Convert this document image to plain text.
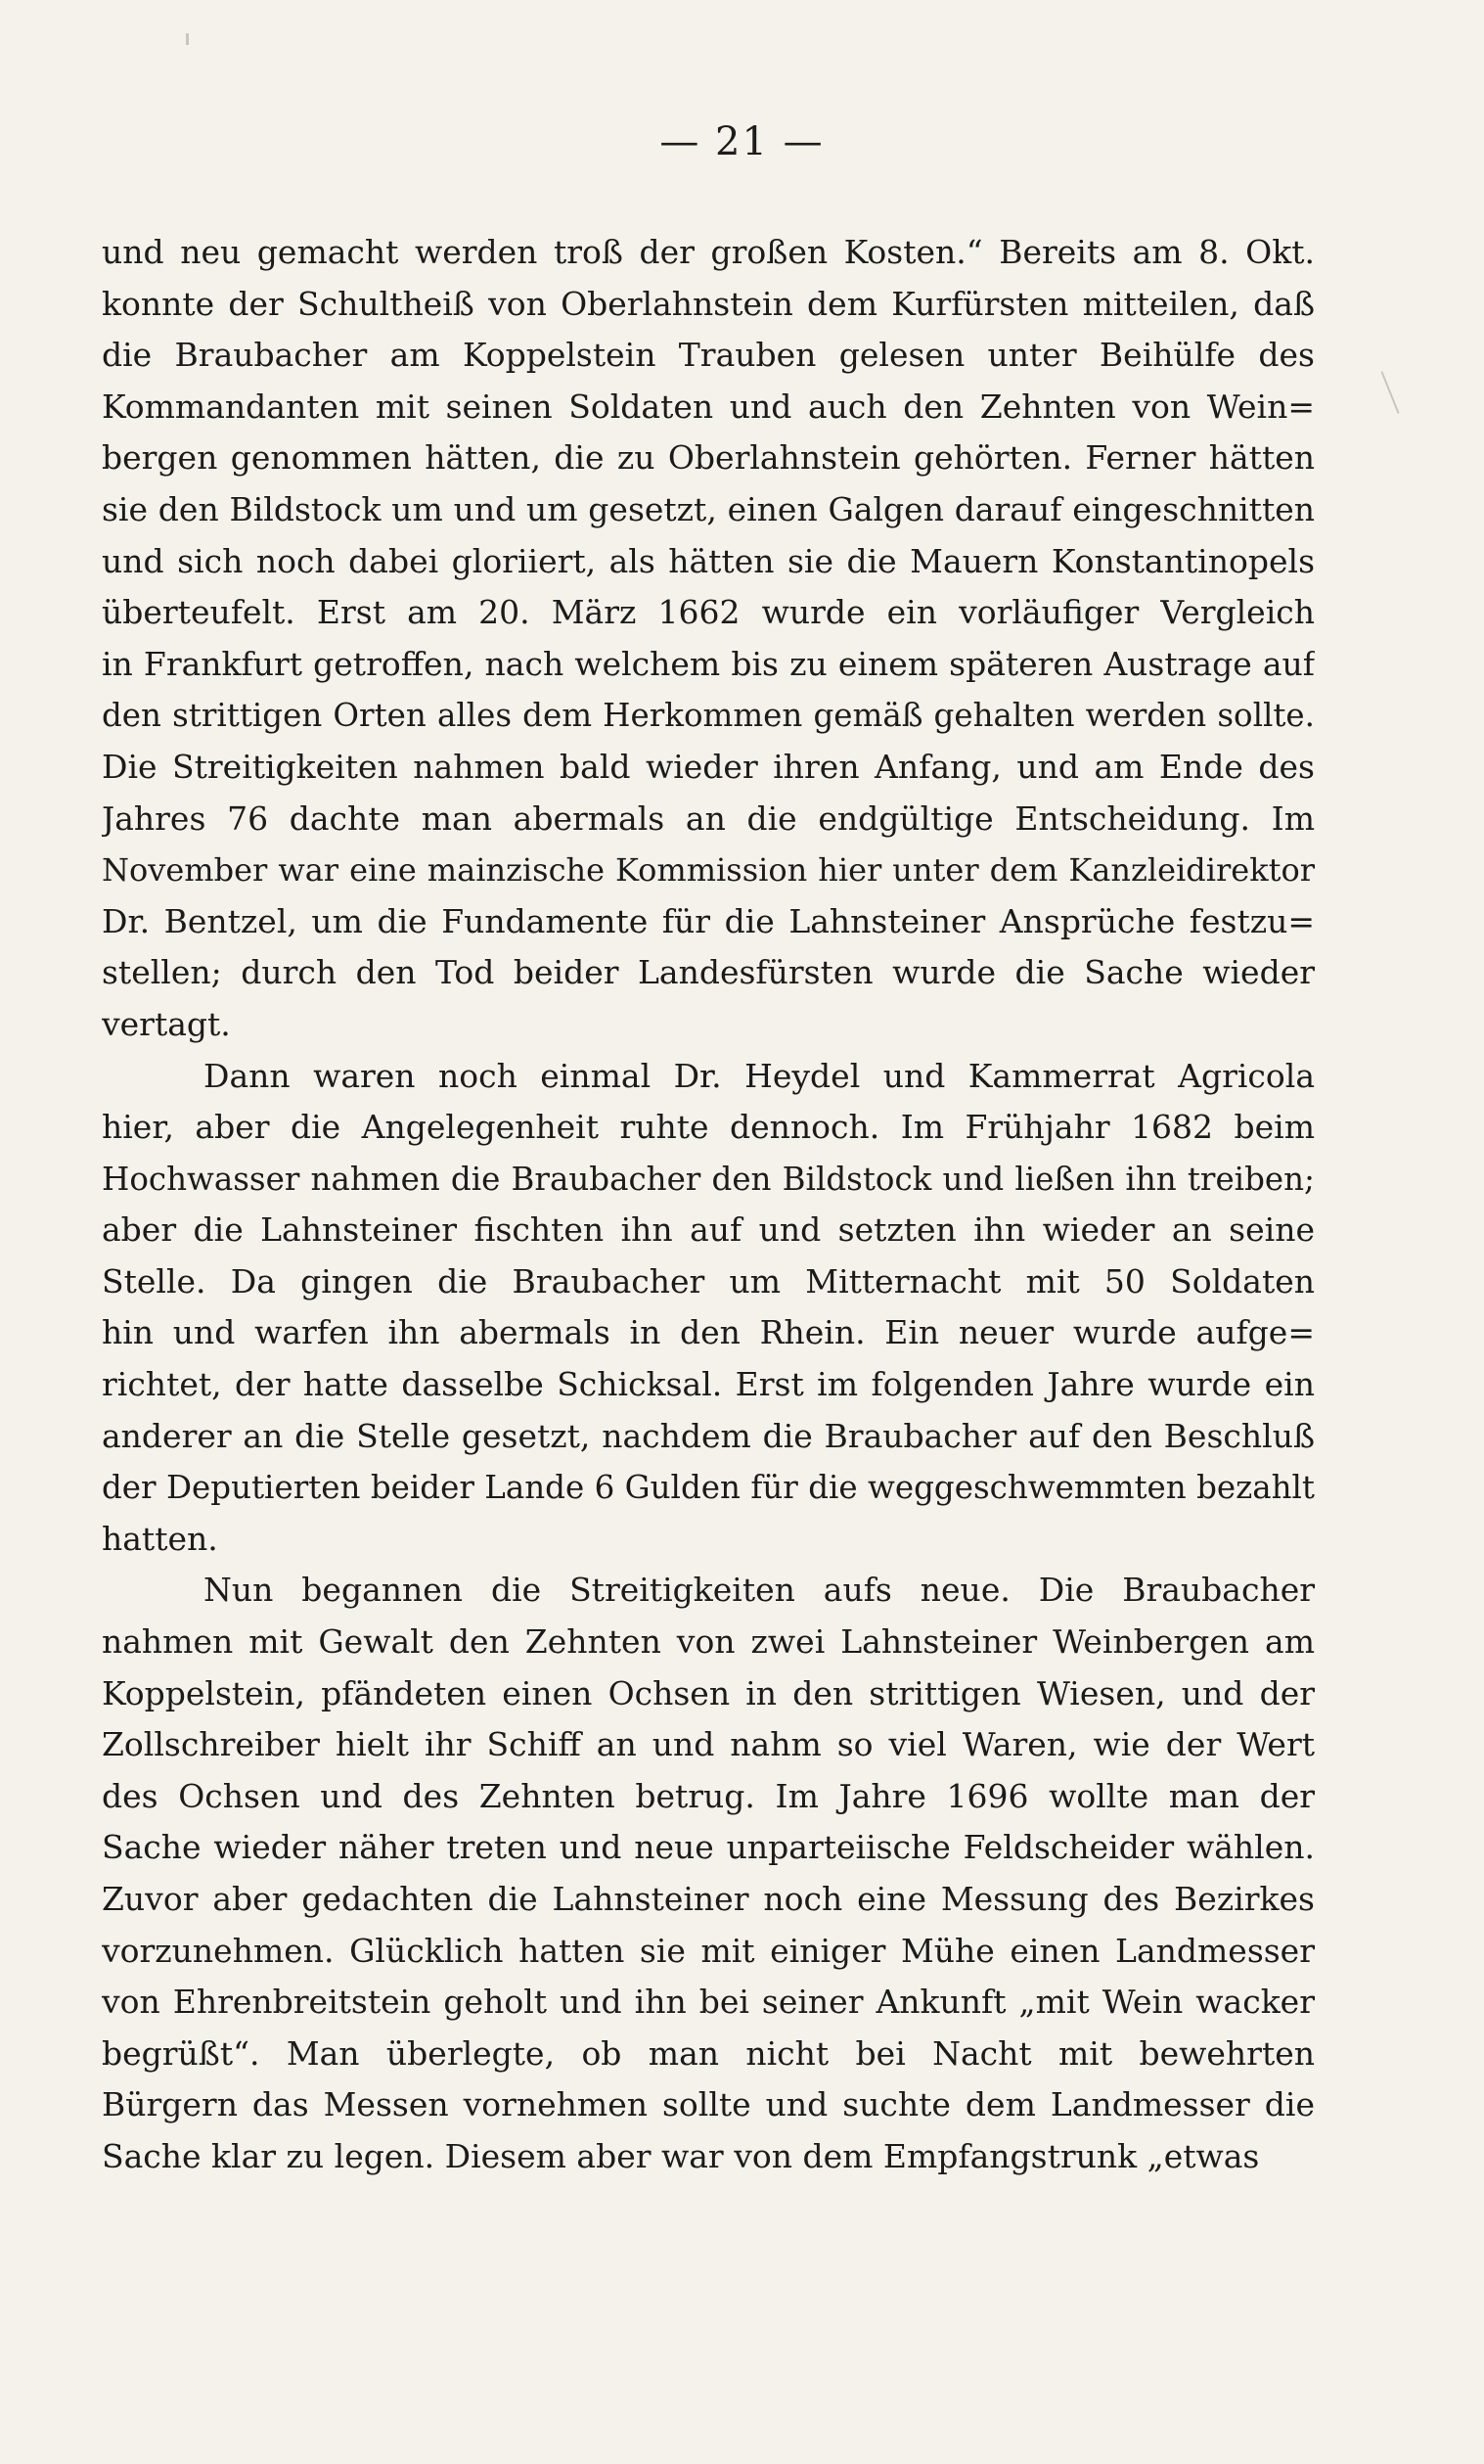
— 21 —

und neu gemacht werden troß der großen Kosten.“ Bereits am 8. Okt.
konnte der Schultheiß von Oberlahnstein dem Kurfürsten mitteilen, daß
die Braubacher am Koppelstein Trauben gelesen unter Beihülfe des
Kommandanten mit seinen Soldaten und auch den Zehnten von Wein=
bergen genommen hätten, die zu Oberlahnstein gehörten. Ferner hätten
sie den Bildstock um und um gesetzt, einen Galgen darauf eingeschnitten
und sich noch dabei gloriiert, als hätten sie die Mauern Konstantinopels
überteufelt. Erst am 20. März 1662 wurde ein vorläufiger Vergleich
in Frankfurt getroffen, nach welchem bis zu einem späteren Austrage auf
den strittigen Orten alles dem Herkommen gemäß gehalten werden sollte.
Die Streitigkeiten nahmen bald wieder ihren Anfang, und am Ende des
Jahres 76 dachte man abermals an die endgültige Entscheidung. Im
November war eine mainzische Kommission hier unter dem Kanzleidirektor
Dr. Bentzel, um die Fundamente für die Lahnsteiner Ansprüche festzu=
stellen; durch den Tod beider Landesfürsten wurde die Sache wieder
vertagt.

Dann waren noch einmal Dr. Heydel und Kammerrat Agricola
hier, aber die Angelegenheit ruhte dennoch. Im Frühjahr 1682 beim
Hochwasser nahmen die Braubacher den Bildstock und ließen ihn treiben;
aber die Lahnsteiner fischten ihn auf und setzten ihn wieder an seine
Stelle. Da gingen die Braubacher um Mitternacht mit 50 Soldaten
hin und warfen ihn abermals in den Rhein. Ein neuer wurde aufge=
richtet, der hatte dasselbe Schicksal. Erst im folgenden Jahre wurde ein
anderer an die Stelle gesetzt, nachdem die Braubacher auf den Beschluß
der Deputierten beider Lande 6 Gulden für die weggeschwemmten bezahlt
hatten.

Nun begannen die Streitigkeiten aufs neue. Die Braubacher
nahmen mit Gewalt den Zehnten von zwei Lahnsteiner Weinbergen am
Koppelstein, pfändeten einen Ochsen in den strittigen Wiesen, und der
Zollschreiber hielt ihr Schiff an und nahm so viel Waren, wie der Wert
des Ochsen und des Zehnten betrug. Im Jahre 1696 wollte man der
Sache wieder näher treten und neue unparteiische Feldscheider wählen.
Zuvor aber gedachten die Lahnsteiner noch eine Messung des Bezirkes
vorzunehmen. Glücklich hatten sie mit einiger Mühe einen Landmesser
von Ehrenbreitstein geholt und ihn bei seiner Ankunft „mit Wein wacker
begrüßt“. Man überlegte, ob man nicht bei Nacht mit bewehrten
Bürgern das Messen vornehmen sollte und suchte dem Landmesser die
Sache klar zu legen. Diesem aber war von dem Empfangstrunk „etwas
